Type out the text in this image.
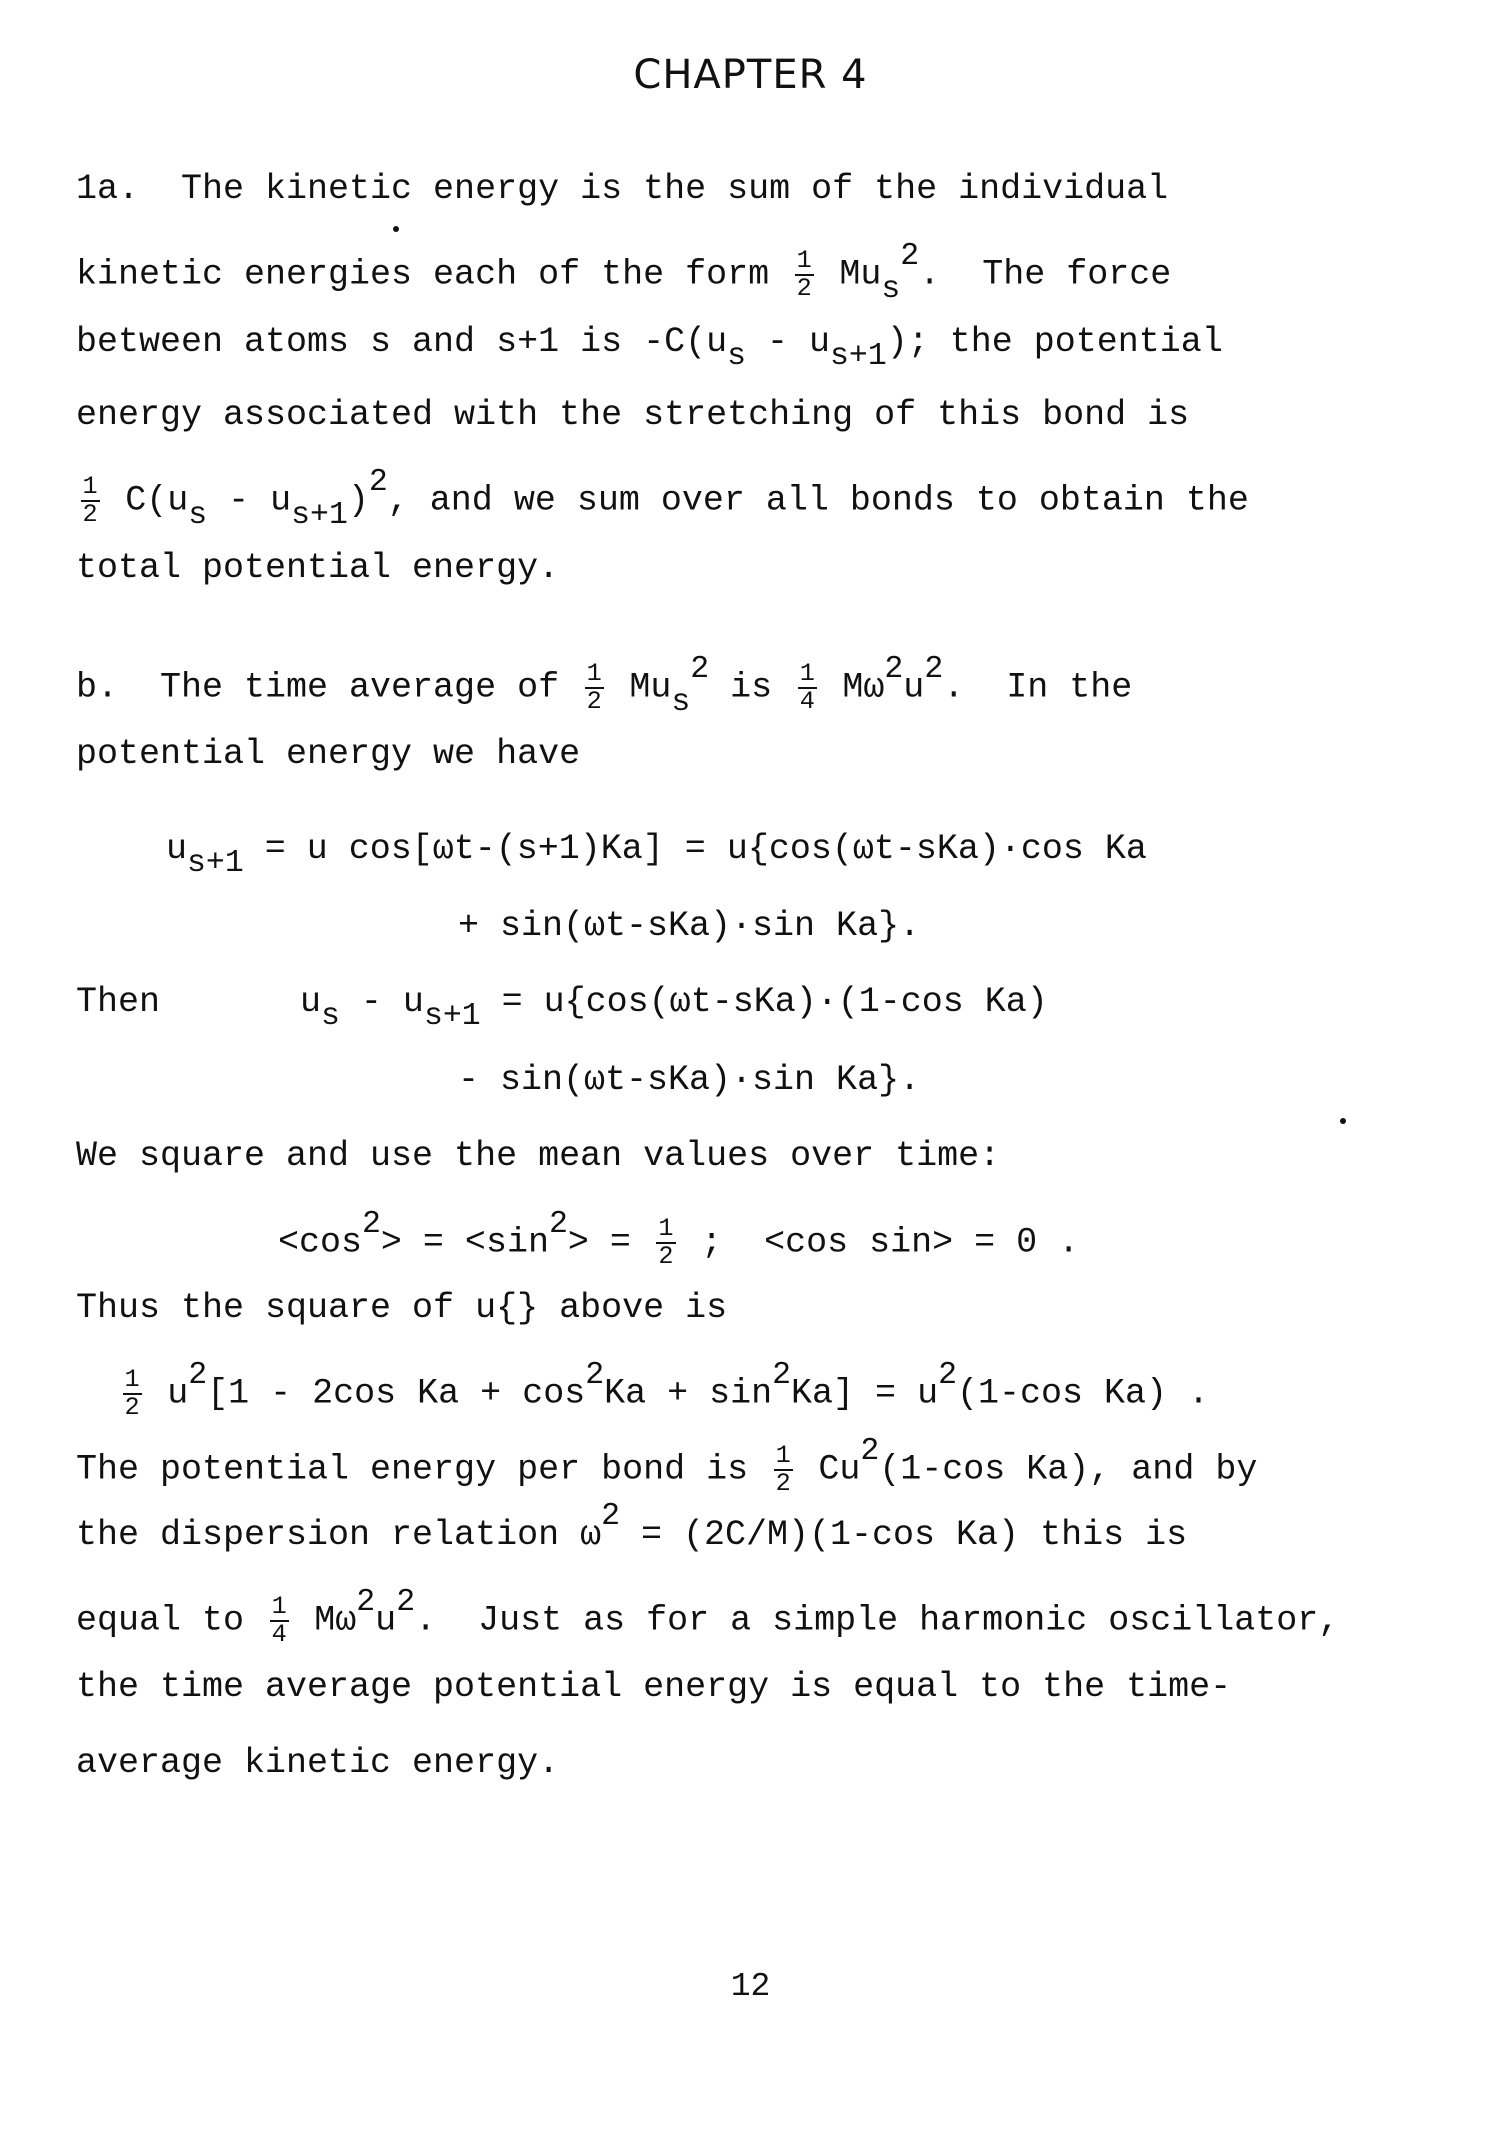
CHAPTER 4
1a.  The kinetic energy is the sum of the individual
kinetic energies each of the form $\frac{1}{2} Mus2$.  The force
between atoms s and s+1 is -C(us - us+1); the potential
energy associated with the stretching of this bond is
$\frac{1}{2} C(us - us+1)2$, and we sum over all bonds to obtain the
total potential energy.
b.  The time average of $\frac{1}{2} Mus2$ is $\frac{1}{4} M\omega 2u2$.  In the
potential energy we have
us+1 = u cos[ωt-(s+1)Ka] = u{cos(ωt-sKa)·cos Ka
+ sin(ωt-sKa)·sin Ka}.
Then	us - us+1 = u{cos(ωt-sKa)·(1-cos Ka)
- sin(ωt-sKa)·sin Ka}.
We square and use the mean values over time:
$<\cos 2> = <\sin 2> = \frac{1}{2}$ ;  <cos sin> = 0 .
Thus the square of u{} above is
$\frac{1}{2} u2[1 - 2\cos$ Ka + cos2Ka + sin2Ka] = u2(1-cos Ka) .
The potential energy per bond is $\frac{1}{2} Cu2(1-\cos$ Ka), and by
the dispersion relation ω2 = (2C/M)(1-cos Ka) this is
equal to $\frac{1}{4} M\omega 2u2$.  Just as for a simple harmonic oscillator,
the time average potential energy is equal to the time-
average kinetic energy.
12
